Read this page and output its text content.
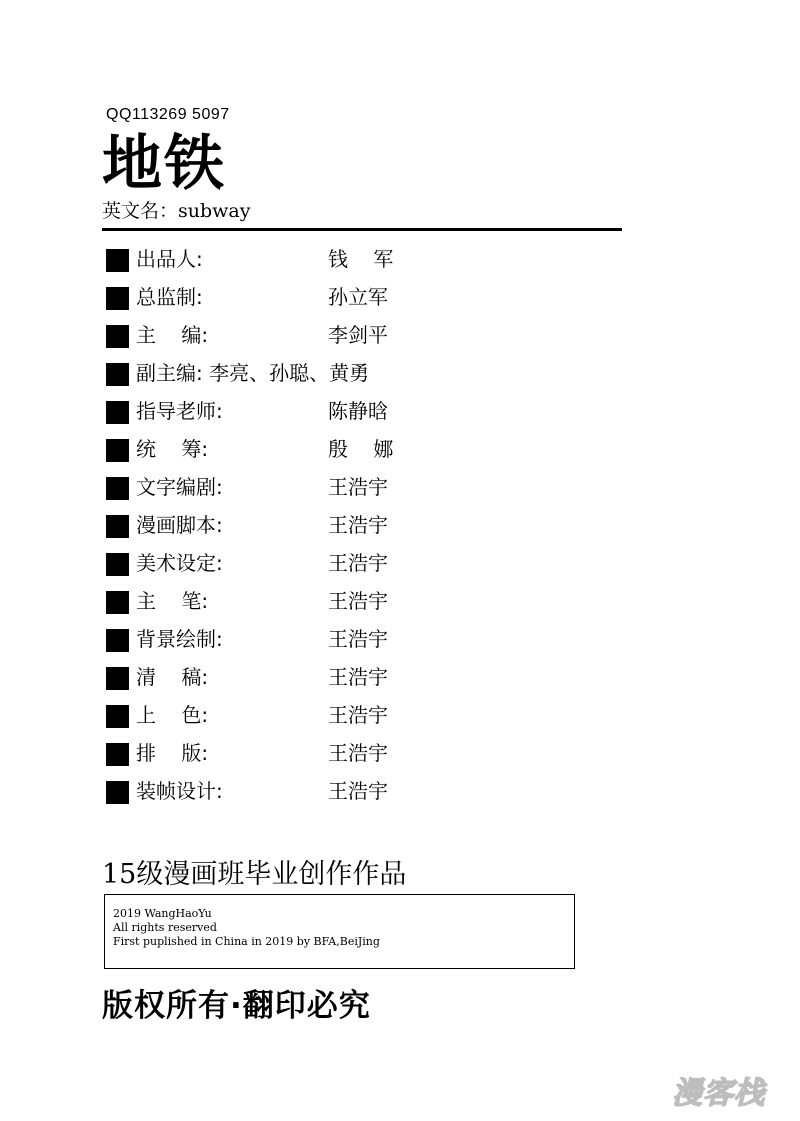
QQ113269 5097
地铁
英文名：subway
出品人:	钱    军
总监制:	孙立军
主    编:	李剑平
副主编: 李亮、孙聪、黄勇
指导老师:	陈静晗
统    筹:	殷    娜
文字编剧:	王浩宇
漫画脚本:	王浩宇
美术设定:	王浩宇
主    笔:	王浩宇
背景绘制:	王浩宇
清    稿:	王浩宇
上    色:	王浩宇
排    版:	王浩宇
装帧设计:	王浩宇
15级漫画班毕业创作作品
2019 WangHaoYu
All rights reserved
First puplished in China in 2019 by BFA,BeiJing
版权所有·翻印必究
漫客栈
